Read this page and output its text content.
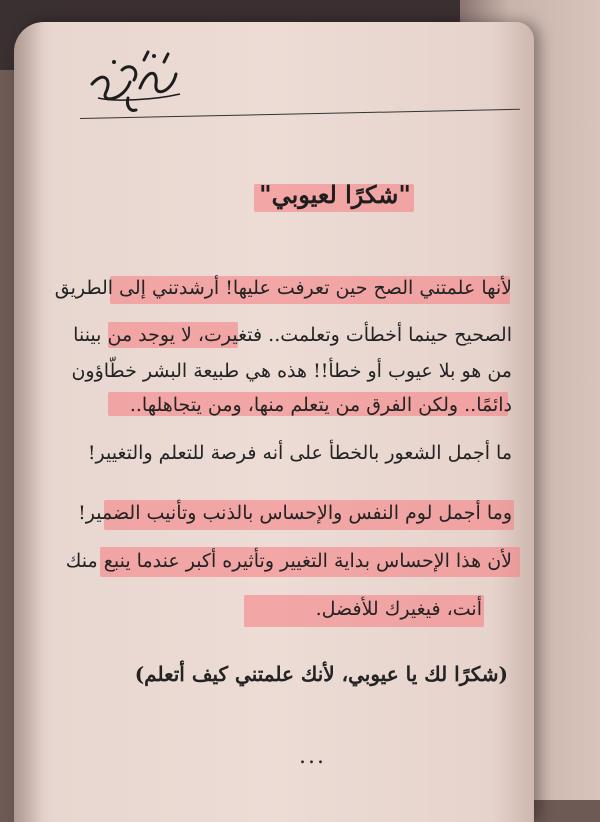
"شكرًا لعيوبي"
لأنها علمتني الصح حين تعرفت عليها! أرشدتني إلى الطريق
الصحيح حينما أخطأت وتعلمت.. فتغيرت، لا يوجد من بيننا
من هو بلا عيوب أو خطأ!! هذه هي طبيعة البشر خطّاؤون
دائمًا.. ولكن الفرق من يتعلم منها، ومن يتجاهلها..
ما أجمل الشعور بالخطأ على أنه فرصة للتعلم والتغيير!
وما أجمل لوم النفس والإحساس بالذنب وتأنيب الضمير!
لأن هذا الإحساس بداية التغيير وتأثيره أكبر عندما ينبع منك
أنت، فيغيرك للأفضل.
(شكرًا لك يا عيوبي، لأنك علمتني كيف أتعلم)
...
